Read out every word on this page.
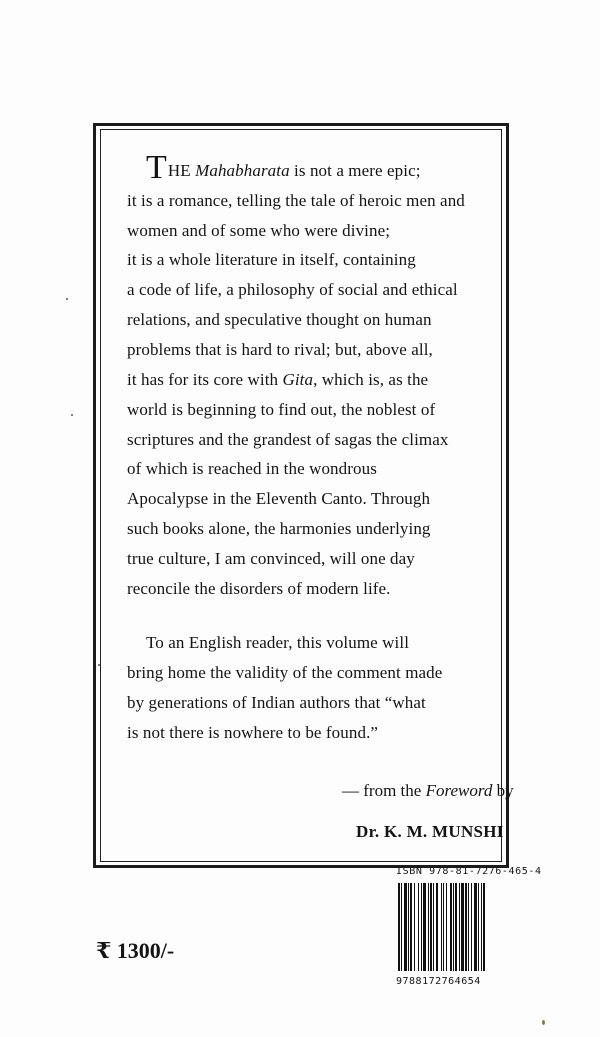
THE Mahabharata is not a mere epic;
it is a romance, telling the tale of heroic men and
women and of some who were divine;
it is a whole literature in itself, containing
a code of life, a philosophy of social and ethical
relations, and speculative thought on human
problems that is hard to rival; but, above all,
it has for its core with Gita, which is, as the
world is beginning to find out, the noblest of
scriptures and the grandest of sagas the climax
of which is reached in the wondrous
Apocalypse in the Eleventh Canto. Through
such books alone, the harmonies underlying
true culture, I am convinced, will one day
reconcile the disorders of modern life.
To an English reader, this volume will
bring home the validity of the comment made
by generations of Indian authors that “what
is not there is nowhere to be found.”
— from the Foreword by
Dr. K. M. MUNSHI
ISBN 978-81-7276-465-4
9788172764654
₹ 1300/-
